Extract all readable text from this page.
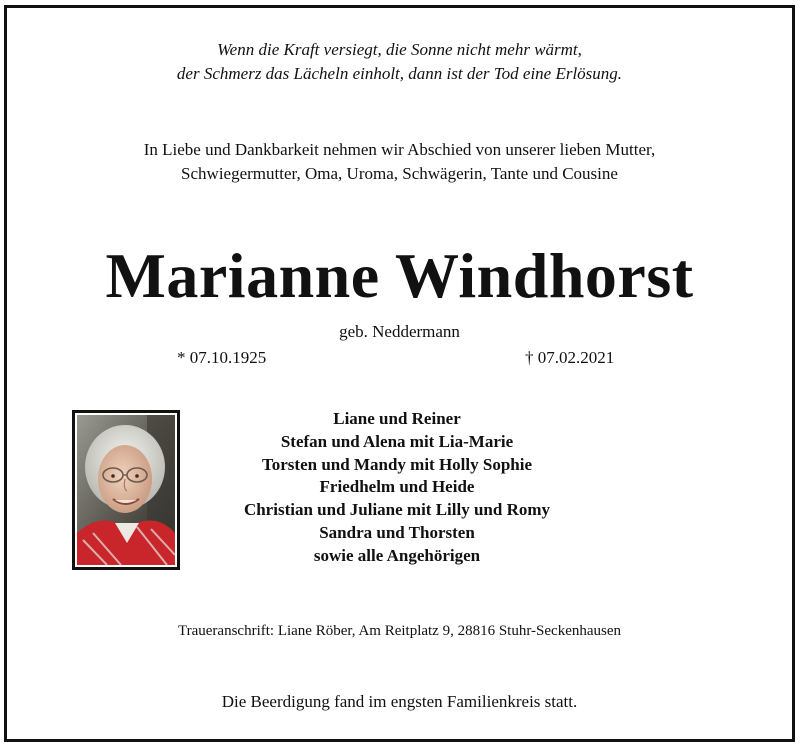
Wenn die Kraft versiegt, die Sonne nicht mehr wärmt,
der Schmerz das Lächeln einholt, dann ist der Tod eine Erlösung.
In Liebe und Dankbarkeit nehmen wir Abschied von unserer lieben Mutter,
Schwiegermutter, Oma, Uroma, Schwägerin, Tante und Cousine
Marianne Windhorst
geb. Neddermann
* 07.10.1925	† 07.02.2021
Liane und Reiner
Stefan und Alena mit Lia-Marie
Torsten und Mandy mit Holly Sophie
Friedhelm und Heide
Christian und Juliane mit Lilly und Romy
Sandra und Thorsten
sowie alle Angehörigen
Traueranschrift: Liane Röber, Am Reitplatz 9, 28816 Stuhr-Seckenhausen
Die Beerdigung fand im engsten Familienkreis statt.
